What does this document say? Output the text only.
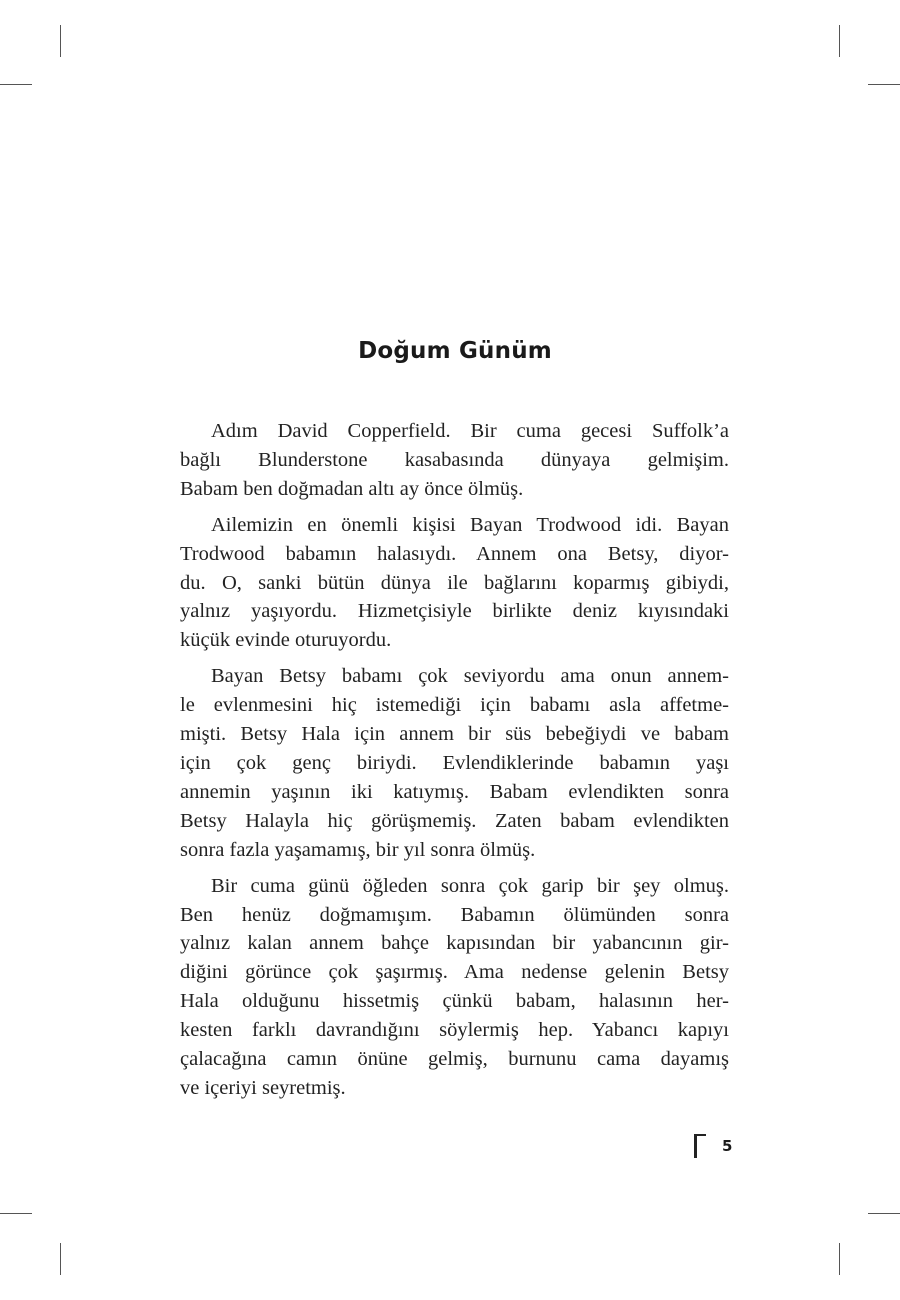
Doğum Günüm

Adım David Copperfield. Bir cuma gecesi Suffolk’a
bağlı Blunderstone kasabasında dünyaya gelmişim.
Babam ben doğmadan altı ay önce ölmüş.

Ailemizin en önemli kişisi Bayan Trodwood idi. Bayan
Trodwood babamın halasıydı. Annem ona Betsy, diyor-
du. O, sanki bütün dünya ile bağlarını koparmış gibiydi,
yalnız yaşıyordu. Hizmetçisiyle birlikte deniz kıyısındaki
küçük evinde oturuyordu.

Bayan Betsy babamı çok seviyordu ama onun annem-
le evlenmesini hiç istemediği için babamı asla affetme-
mişti. Betsy Hala için annem bir süs bebeğiydi ve babam
için çok genç biriydi. Evlendiklerinde babamın yaşı
annemin yaşının iki katıymış. Babam evlendikten sonra
Betsy Halayla hiç görüşmemiş. Zaten babam evlendikten
sonra fazla yaşamamış, bir yıl sonra ölmüş.

Bir cuma günü öğleden sonra çok garip bir şey olmuş.
Ben henüz doğmamışım. Babamın ölümünden sonra
yalnız kalan annem bahçe kapısından bir yabancının gir-
diğini görünce çok şaşırmış. Ama nedense gelenin Betsy
Hala olduğunu hissetmiş çünkü babam, halasının her-
kesten farklı davrandığını söylermiş hep. Yabancı kapıyı
çalacağına camın önüne gelmiş, burnunu cama dayamış
ve içeriyi seyretmiş.

5
